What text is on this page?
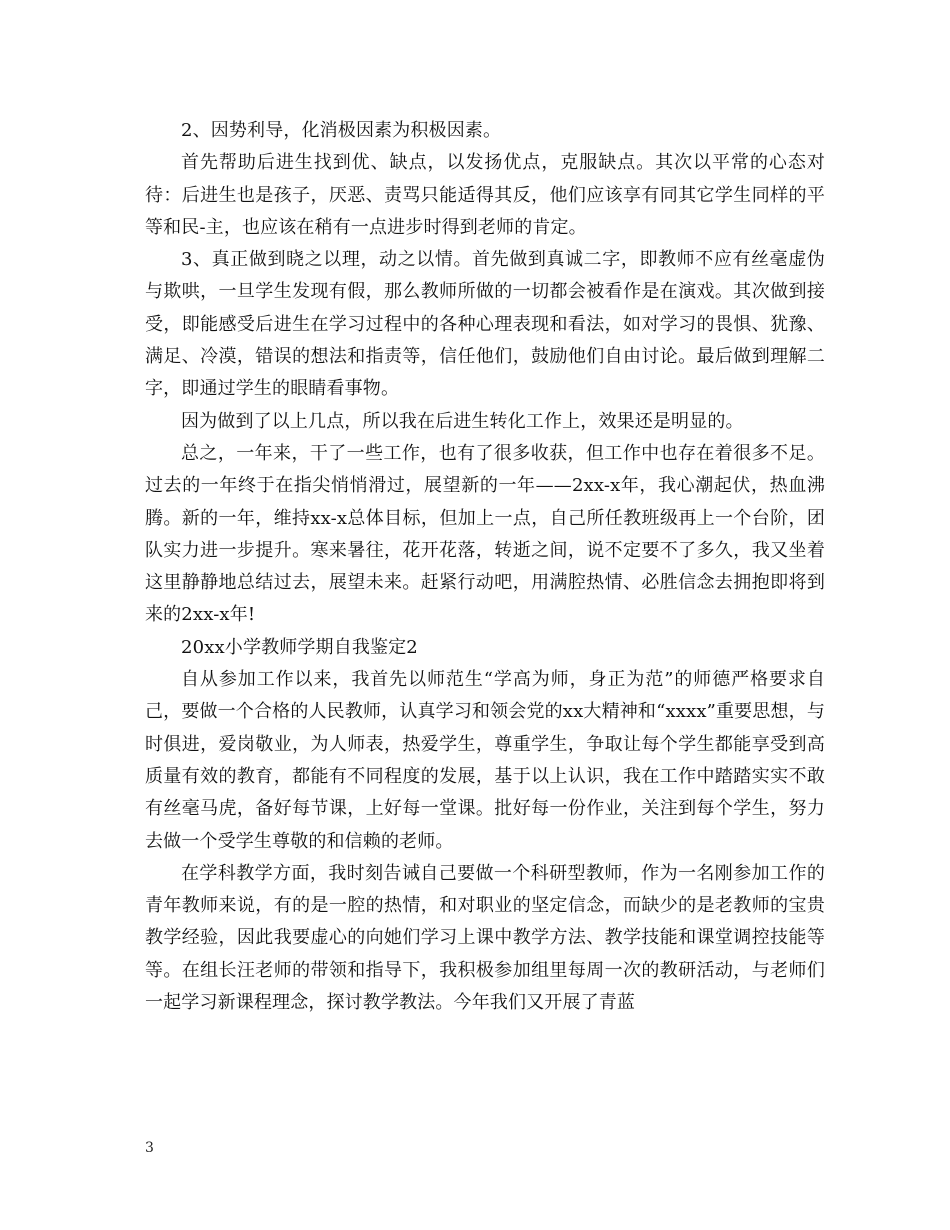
2、因势利导，化消极因素为积极因素。

首先帮助后进生找到优、缺点，以发扬优点，克服缺点。其次以平常的心态对待：后进生也是孩子，厌恶、责骂只能适得其反，他们应该享有同其它学生同样的平等和民-主，也应该在稍有一点进步时得到老师的肯定。

3、真正做到晓之以理，动之以情。首先做到真诚二字，即教师不应有丝毫虚伪与欺哄，一旦学生发现有假，那么教师所做的一切都会被看作是在演戏。其次做到接受，即能感受后进生在学习过程中的各种心理表现和看法，如对学习的畏惧、犹豫、满足、冷漠，错误的想法和指责等，信任他们，鼓励他们自由讨论。最后做到理解二字，即通过学生的眼睛看事物。

因为做到了以上几点，所以我在后进生转化工作上，效果还是明显的。

总之，一年来，干了一些工作，也有了很多收获，但工作中也存在着很多不足。过去的一年终于在指尖悄悄滑过，展望新的一年——2xx-x年，我心潮起伏，热血沸腾。新的一年，维持xx-x总体目标，但加上一点，自己所任教班级再上一个台阶，团队实力进一步提升。寒来暑往，花开花落，转逝之间，说不定要不了多久，我又坐着这里静静地总结过去，展望未来。赶紧行动吧，用满腔热情、必胜信念去拥抱即将到来的2xx-x年!

20xx小学教师学期自我鉴定2

自从参加工作以来，我首先以师范生“学高为师，身正为范”的师德严格要求自己，要做一个合格的人民教师，认真学习和领会党的xx大精神和“xxxx”重要思想，与时俱进，爱岗敬业，为人师表，热爱学生，尊重学生，争取让每个学生都能享受到高质量有效的教育，都能有不同程度的发展，基于以上认识，我在工作中踏踏实实不敢有丝毫马虎，备好每节课，上好每一堂课。批好每一份作业，关注到每个学生，努力去做一个受学生尊敬的和信赖的老师。

在学科教学方面，我时刻告诫自己要做一个科研型教师，作为一名刚参加工作的青年教师来说，有的是一腔的热情，和对职业的坚定信念，而缺少的是老教师的宝贵教学经验，因此我要虚心的向她们学习上课中教学方法、教学技能和课堂调控技能等等。在组长汪老师的带领和指导下，我积极参加组里每周一次的教研活动，与老师们一起学习新课程理念，探讨教学教法。今年我们又开展了青蓝

3
